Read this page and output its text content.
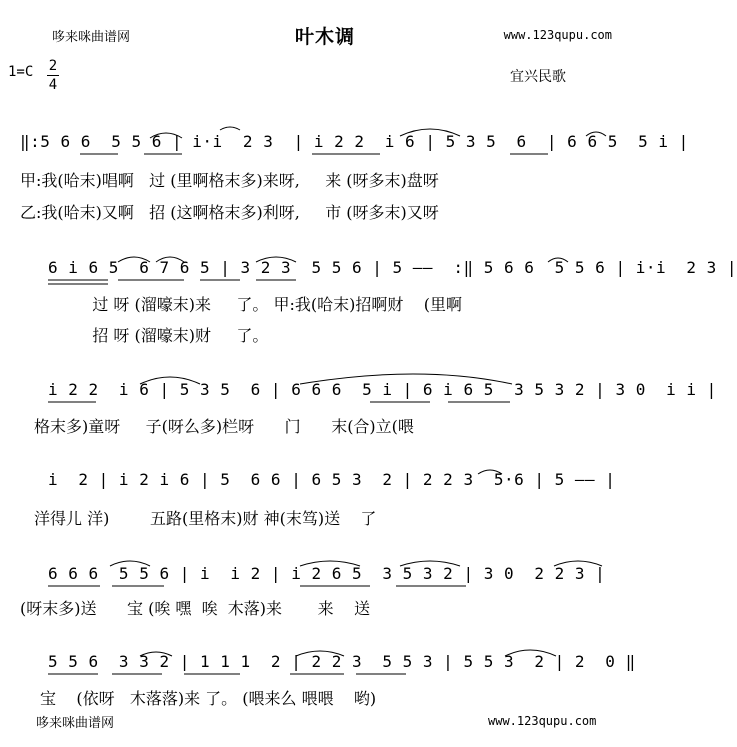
哆来咪曲谱网	叶木调	www.123qupu.com
1=C 2
4	宜兴民歌
‖:5 6 6  5 5 6 | i·i  2 3  | i 2 2  i 6 | 5 3 5  6  | 6 6 5  5 i |
甲:我(哈末)唱啊   过 (里啊格末多)来呀,     来 (呀多末)盘呀
乙:我(哈末)又啊   招 (这啊格末多)利呀,     市 (呀多末)又呀
6 i 6 5  6 7 6 5 | 3 2 3  5 5 6 | 5 ——  :‖ 5 6 6  5 5 6 | i·i  2 3 |
过 呀 (溜嚎末)来     了。 甲:我(哈末)招啊财    (里啊
招 呀 (溜嚎末)财     了。
i 2 2  i 6 | 5 3 5  6 | 6 6 6  5 i | 6 i 6 5  3 5 3 2 | 3 0  i i |
格末多)童呀     子(呀么多)栏呀      门      末(合)立(喂
i  2 | i 2 i 6 | 5  6 6 | 6 5 3  2 | 2 2 3  5·6 | 5 —— |
洋得儿 洋)        五路(里格末)财 神(末笃)送    了
6 6 6  5 5 6 | i  i 2 | i 2 6 5  3 5 3 2 | 3 0  2 2 3 |
(呀末多)送      宝 (唉 嘿  唉  木落)来       来    送
5 5 6  3 3 2 | 1 1 1  2 | 2 2 3  5 5 3 | 5 5 3  2 | 2  0 ‖
宝    (依呀   木落落)来 了。 (喂来么 喂喂    哟)
哆来咪曲谱网	www.123qupu.com
